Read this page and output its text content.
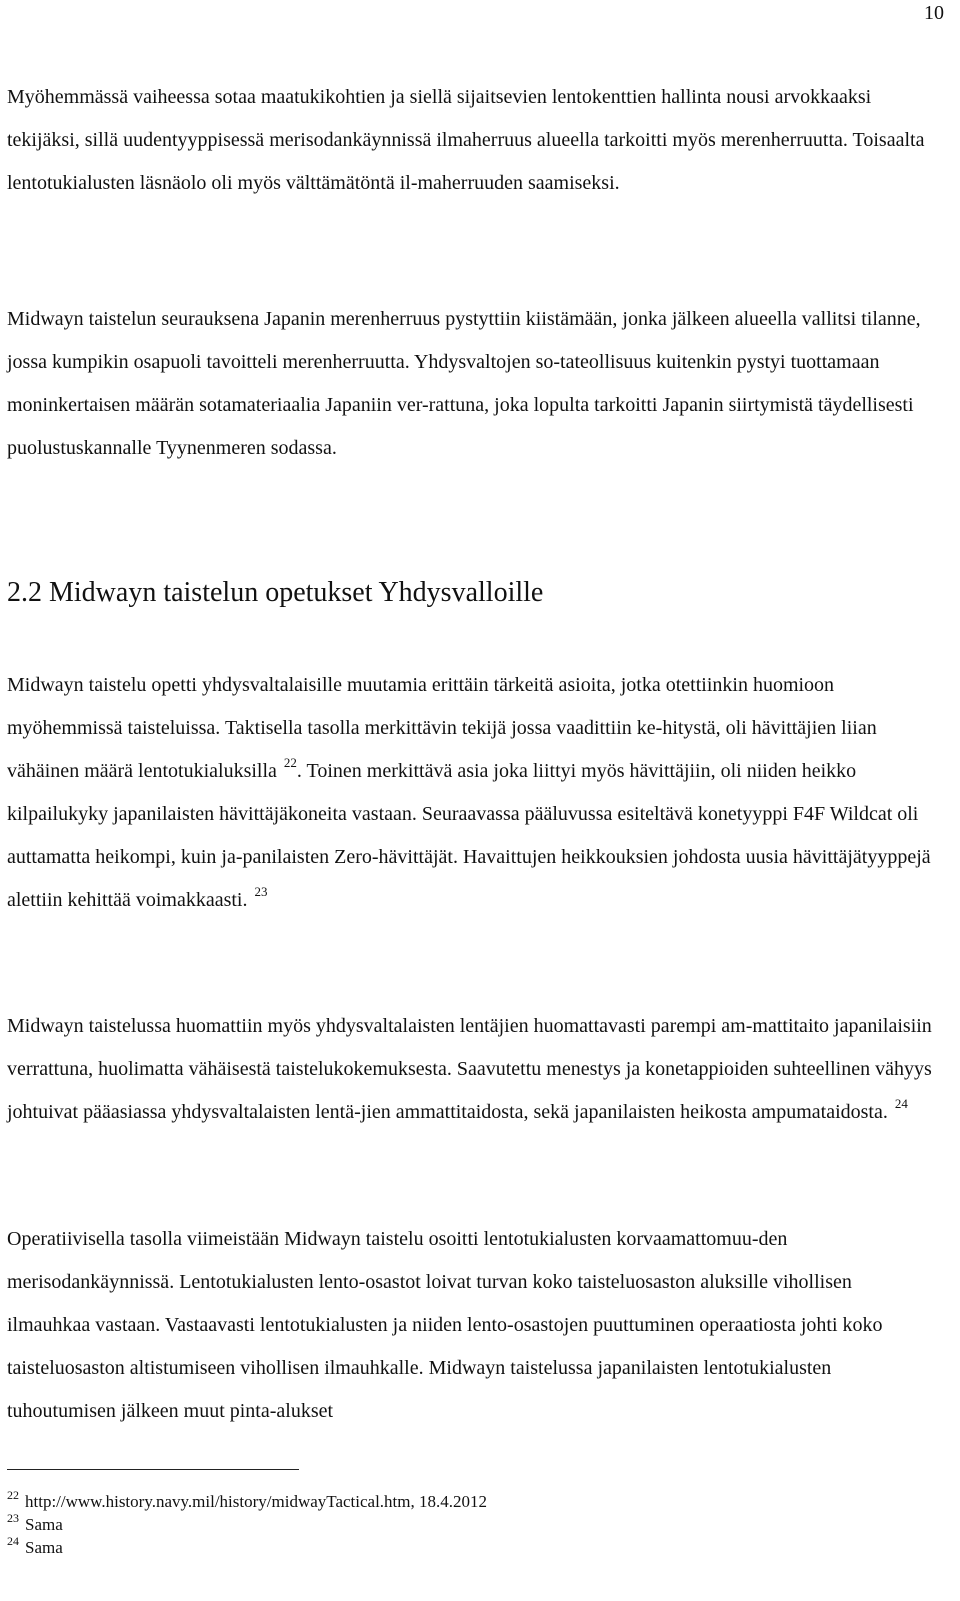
10

Myöhemmässä vaiheessa sotaa maatukikohtien ja siellä sijaitsevien lentokenttien hallinta nousi arvokkaaksi tekijäksi, sillä uudentyyppisessä merisodankäynnissä ilmaherruus alueella tarkoitti myös merenherruutta. Toisaalta lentotukialusten läsnäolo oli myös välttämätöntä il-maherruuden saamiseksi.

Midwayn taistelun seurauksena Japanin merenherruus pystyttiin kiistämään, jonka jälkeen alueella vallitsi tilanne, jossa kumpikin osapuoli tavoitteli merenherruutta. Yhdysvaltojen so-tateollisuus kuitenkin pystyi tuottamaan moninkertaisen määrän sotamateriaalia Japaniin ver-rattuna, joka lopulta tarkoitti Japanin siirtymistä täydellisesti puolustuskannalle Tyynenmeren sodassa.

2.2 Midwayn taistelun opetukset Yhdysvalloille

Midwayn taistelu opetti yhdysvaltalaisille muutamia erittäin tärkeitä asioita, jotka otettiinkin huomioon myöhemmissä taisteluissa. Taktisella tasolla merkittävin tekijä jossa vaadittiin ke-hitystä, oli hävittäjien liian vähäinen määrä lentotukialuksilla $^{22}$. Toinen merkittävä asia joka liittyi myös hävittäjiin, oli niiden heikko kilpailukyky japanilaisten hävittäjäkoneita vastaan. Seuraavassa pääluvussa esiteltävä konetyyppi F4F Wildcat oli auttamatta heikompi, kuin ja-panilaisten Zero-hävittäjät. Havaittujen heikkouksien johdosta uusia hävittäjätyyppejä alettiin kehittää voimakkaasti. $^{23}$

Midwayn taistelussa huomattiin myös yhdysvaltalaisten lentäjien huomattavasti parempi am-mattitaito japanilaisiin verrattuna, huolimatta vähäisestä taistelukokemuksesta. Saavutettu menestys ja konetappioiden suhteellinen vähyys johtuivat pääasiassa yhdysvaltalaisten lentä-jien ammattitaidosta, sekä japanilaisten heikosta ampumataidosta. $^{24}$

Operatiivisella tasolla viimeistään Midwayn taistelu osoitti lentotukialusten korvaamattomuu-den merisodankäynnissä. Lentotukialusten lento-osastot loivat turvan koko taisteluosaston aluksille vihollisen ilmauhkaa vastaan. Vastaavasti lentotukialusten ja niiden lento-osastojen puuttuminen operaatiosta johti koko taisteluosaston altistumiseen vihollisen ilmauhkalle. Midwayn taistelussa japanilaisten lentotukialusten tuhoutumisen jälkeen muut pinta-alukset

$^{22}$ http://www.history.navy.mil/history/midwayTactical.htm, 18.4.2012
$^{23}$ Sama
$^{24}$ Sama
